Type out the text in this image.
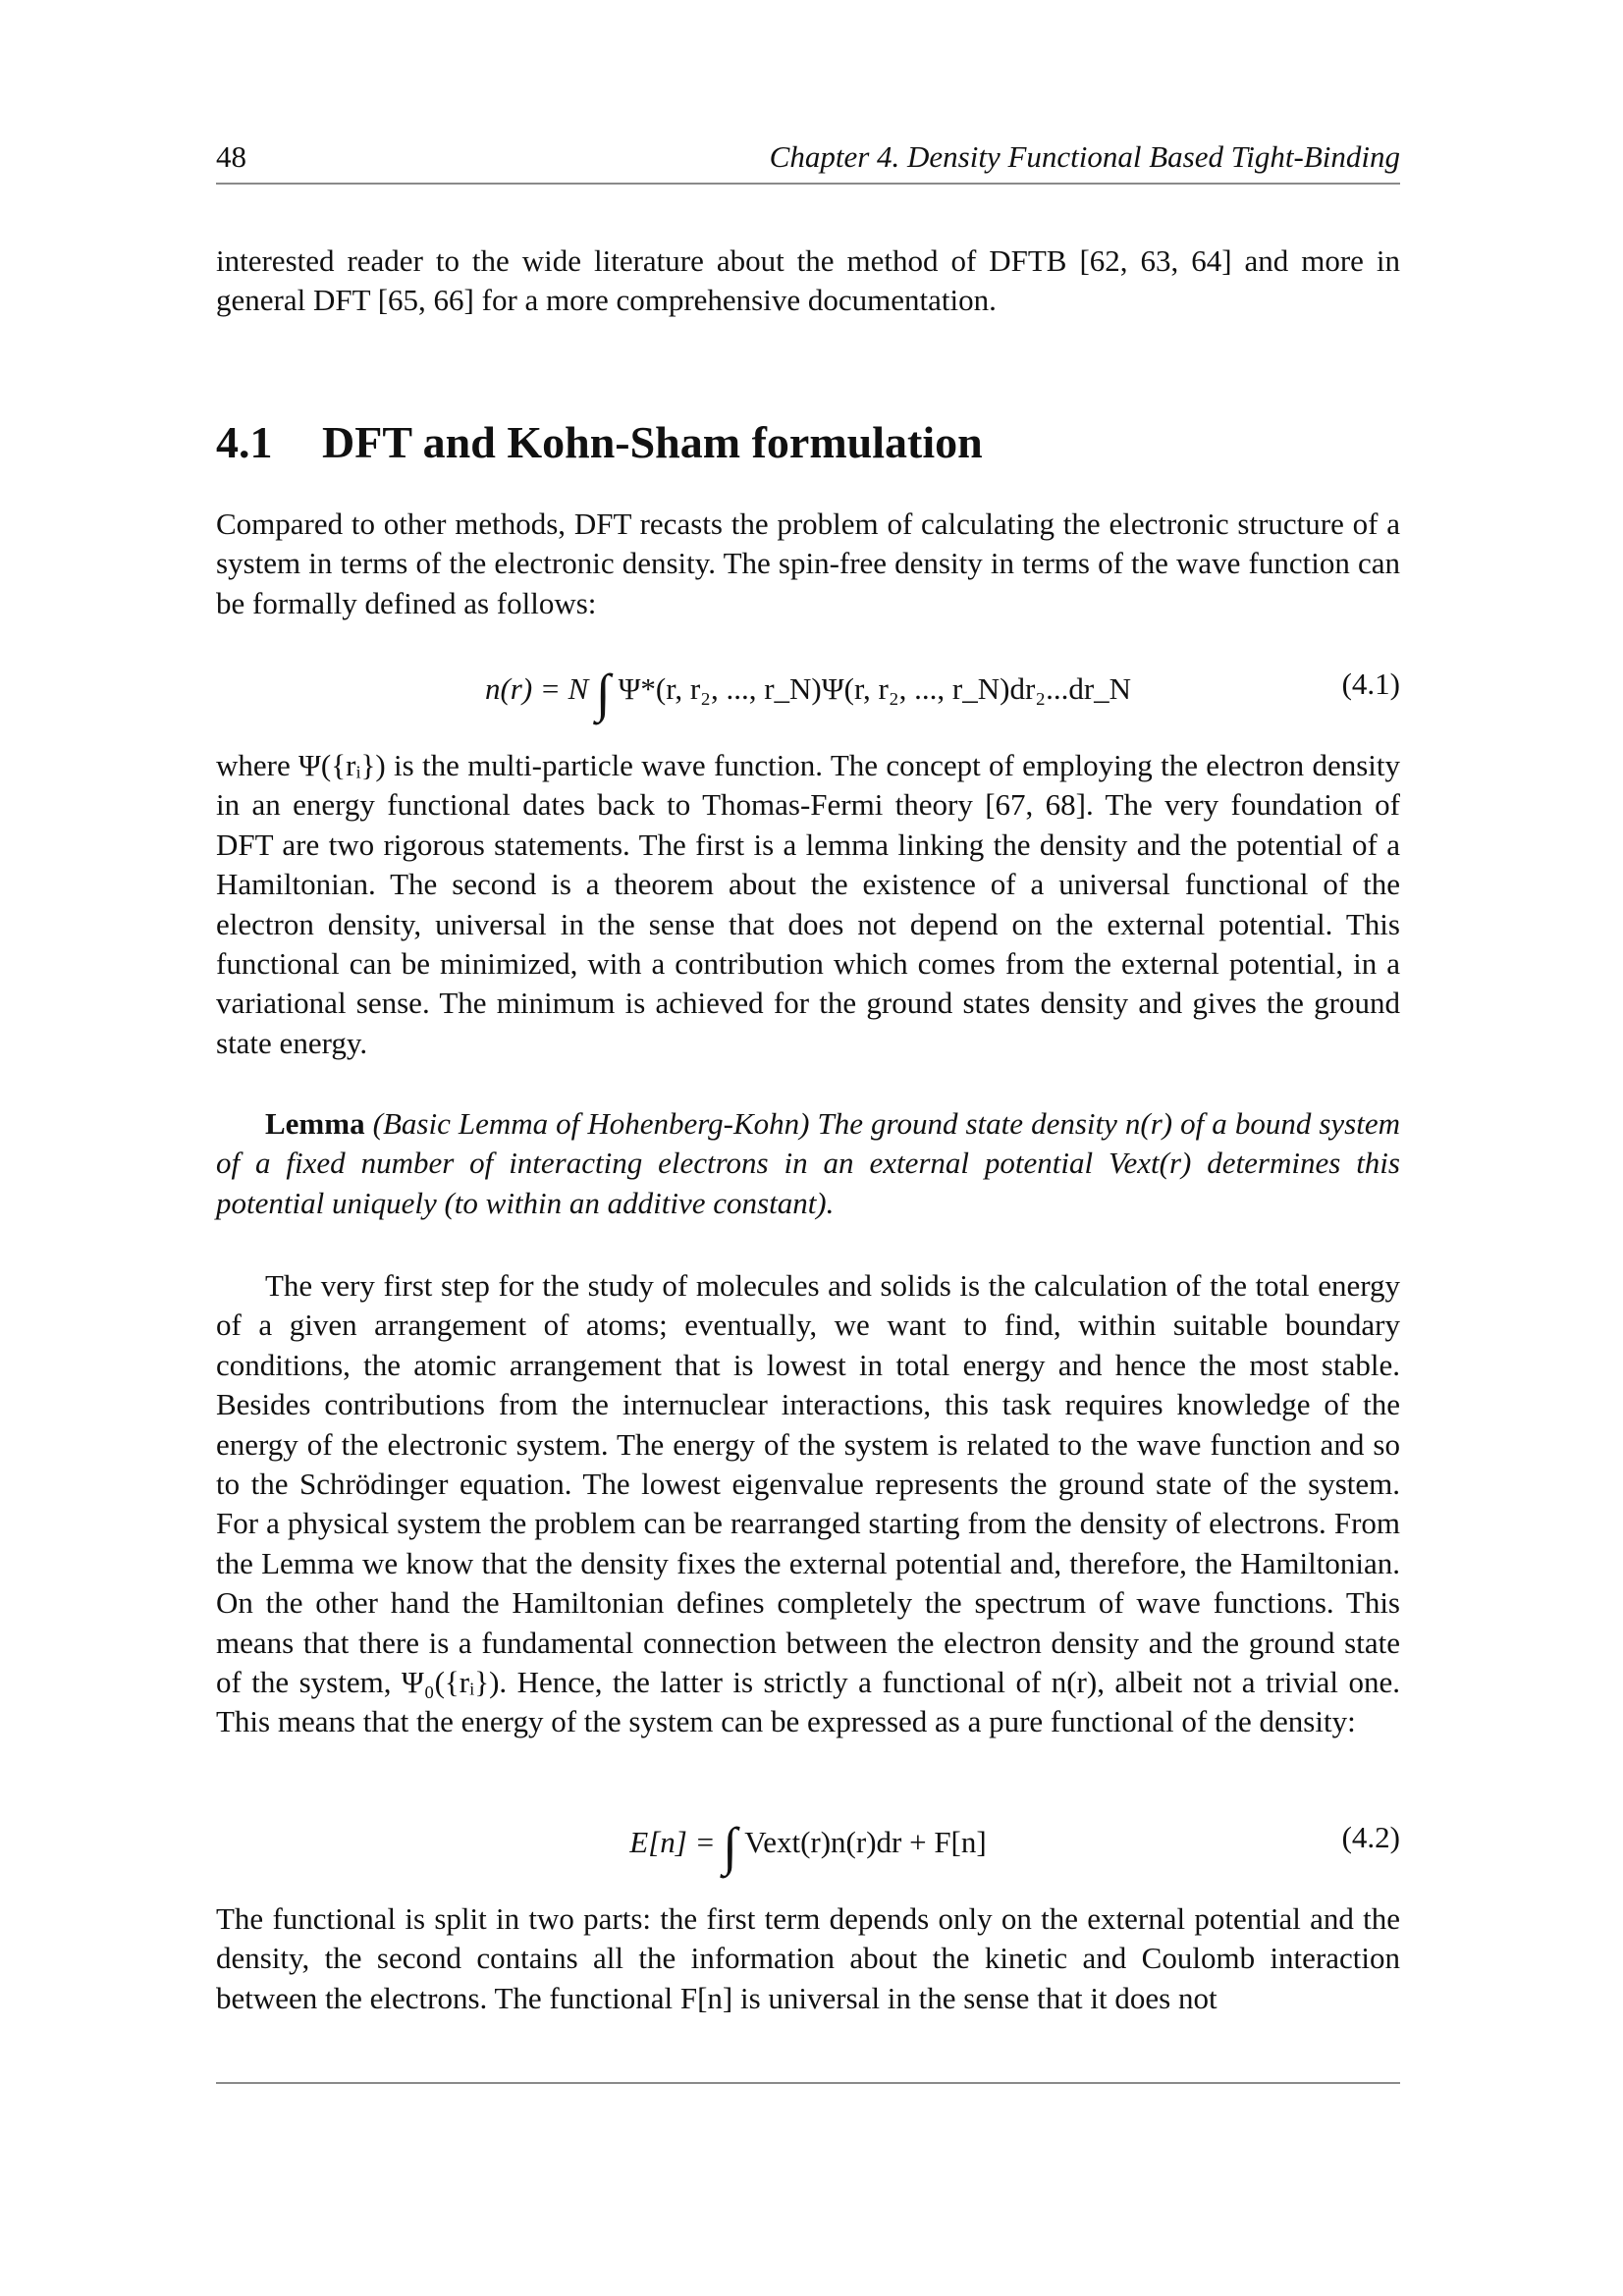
48	Chapter 4. Density Functional Based Tight-Binding

interested reader to the wide literature about the method of DFTB [62, 63, 64] and more in general DFT [65, 66] for a more comprehensive documentation.

4.1 DFT and Kohn-Sham formulation

Compared to other methods, DFT recasts the problem of calculating the electronic structure of a system in terms of the electronic density. The spin-free density in terms of the wave function can be formally defined as follows:

n(r) = N ∫ Ψ*(r, r₂, ..., r_N)Ψ(r, r₂, ..., r_N)dr₂...dr_N	(4.1)

where Ψ({rᵢ}) is the multi-particle wave function. The concept of employing the electron density in an energy functional dates back to Thomas-Fermi theory [67, 68]. The very foundation of DFT are two rigorous statements. The first is a lemma linking the density and the potential of a Hamiltonian. The second is a theorem about the existence of a universal functional of the electron density, universal in the sense that does not depend on the external potential. This functional can be minimized, with a contribution which comes from the external potential, in a variational sense. The minimum is achieved for the ground states density and gives the ground state energy.

Lemma (Basic Lemma of Hohenberg-Kohn) The ground state density n(r) of a bound system of a fixed number of interacting electrons in an external potential Vext(r) determines this potential uniquely (to within an additive constant).

The very first step for the study of molecules and solids is the calculation of the total energy of a given arrangement of atoms; eventually, we want to find, within suitable boundary conditions, the atomic arrangement that is lowest in total energy and hence the most stable. Besides contributions from the internuclear interactions, this task requires knowledge of the energy of the electronic system. The energy of the system is related to the wave function and so to the Schrödinger equation. The lowest eigenvalue represents the ground state of the system. For a physical system the problem can be rearranged starting from the density of electrons. From the Lemma we know that the density fixes the external potential and, therefore, the Hamiltonian. On the other hand the Hamiltonian defines completely the spectrum of wave functions. This means that there is a fundamental connection between the electron density and the ground state of the system, Ψ₀({rᵢ}). Hence, the latter is strictly a functional of n(r), albeit not a trivial one. This means that the energy of the system can be expressed as a pure functional of the density:

E[n] = ∫ Vext(r)n(r)dr + F[n]	(4.2)

The functional is split in two parts: the first term depends only on the external potential and the density, the second contains all the information about the kinetic and Coulomb interaction between the electrons. The functional F[n] is universal in the sense that it does not
